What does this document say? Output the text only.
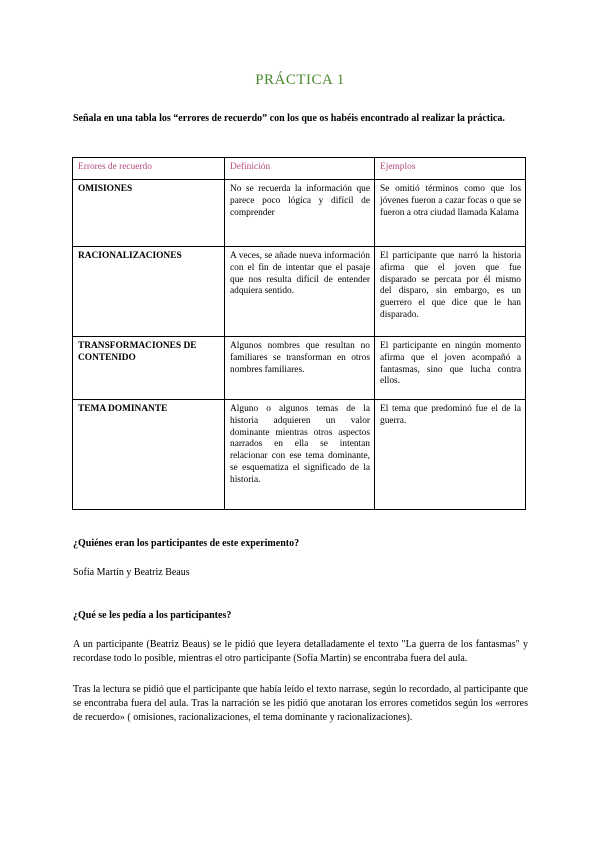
PRÁCTICA 1

Señala en una tabla los “errores de recuerdo” con los que os habéis encontrado al realizar la práctica.

Errores de recuerdo	Definición	Ejemplos
OMISIONES	No se recuerda la información que parece poco lógica y difícil de comprender	Se omitió términos como que los jóvenes fueron a cazar focas o que se fueron a otra ciudad llamada Kalama
RACIONALIZACIONES	A veces, se añade nueva información con el fin de intentar que el pasaje que nos resulta difícil de entender adquiera sentido.	El participante que narró la historia afirma que el joven que fue disparado se percata por él mismo del disparo, sin embargo, es un guerrero el que dice que le han disparado.
TRANSFORMACIONES DE CONTENIDO	Algunos nombres que resultan no familiares se transforman en otros nombres familiares.	El participante en ningún momento afirma que el joven acompañó a fantasmas, sino que lucha contra ellos.
TEMA DOMINANTE	Alguno o algunos temas de la historia adquieren un valor dominante mientras otros aspectos narrados en ella se intentan relacionar con ese tema dominante, se esquematiza el significado de la historia.	El tema que predominó fue el de la guerra.

¿Quiénes eran los participantes de este experimento?

Sofía Martín y Beatriz Beaus

¿Qué se les pedía a los participantes?

A un participante (Beatriz Beaus) se le pidió que leyera detalladamente el texto "La guerra de los fantasmas" y recordase todo lo posible, mientras el otro participante (Sofía Martín) se encontraba fuera del aula.

Tras la lectura se pidió que el participante que había leído el texto narrase, según lo recordado, al participante que se encontraba fuera del aula. Tras la narración se les pidió que anotaran los errores cometidos según los «errores de recuerdo» ( omisiones, racionalizaciones, el tema dominante y racionalizaciones).
